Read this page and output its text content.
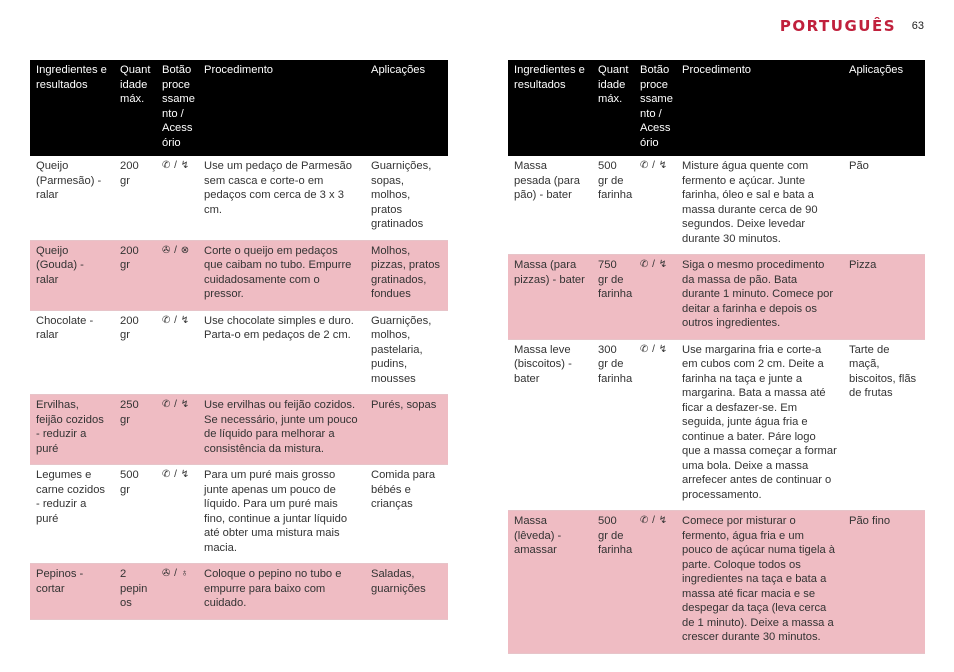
PORTUGUÊS 63
Ingredientes e resultados	Quant idade máx.	Botão proce ssame nto / Acess ório	Procedimento	Aplicações
Queijo (Parmesão) - ralar	200 gr	✆ / ↯	Use um pedaço de Parmesão sem casca e corte-o em pedaços com cerca de 3 x 3 cm.	Guarnições, sopas, molhos, pratos gratinados
Queijo (Gouda) - ralar	200 gr	✇ / ⊗	Corte o queijo em pedaços que caibam no tubo. Empurre cuidadosamente com o pressor.	Molhos, pizzas, pratos gratinados, fondues
Chocolate - ralar	200 gr	✆ / ↯	Use chocolate simples e duro. Parta-o em pedaços de 2 cm.	Guarnições, molhos, pastelaria, pudins, mousses
Ervilhas, feijão cozidos - reduzir a puré	250 gr	✆ / ↯	Use ervilhas ou feijão cozidos. Se necessário, junte um pouco de líquido para melhorar a consistência da mistura.	Purés, sopas
Legumes e carne cozidos - reduzir a puré	500 gr	✆ / ↯	Para um puré mais grosso junte apenas um pouco de líquido. Para um puré mais fino, continue a juntar líquido até obter uma mistura mais macia.	Comida para bébés e crianças
Pepinos - cortar	2 pepin os	✇ / ♁	Coloque o pepino no tubo e empurre para baixo com cuidado.	Saladas, guarnições
Ingredientes e resultados	Quant idade máx.	Botão proce ssame nto / Acess ório	Procedimento	Aplicações
Massa pesada (para pão) - bater	500 gr de farinha	✆ / ↯	Misture água quente com fermento e açúcar. Junte farinha, óleo e sal e bata a massa durante cerca de 90 segundos. Deixe levedar durante 30 minutos.	Pão
Massa (para pizzas) - bater	750 gr de farinha	✆ / ↯	Siga o mesmo procedimento da massa de pão. Bata durante 1 minuto. Comece por deitar a farinha e depois os outros ingredientes.	Pizza
Massa leve (biscoitos) - bater	300 gr de farinha	✆ / ↯	Use margarina fria e corte-a em cubos com 2 cm. Deite a farinha na taça e junte a margarina. Bata a massa até ficar a desfazer-se. Em seguida, junte água fria e continue a bater. Páre logo que a massa começar a formar uma bola. Deixe a massa arrefecer antes de continuar o processamento.	Tarte de maçã, biscoitos, flãs de frutas
Massa (lêveda) - amassar	500 gr de farinha	✆ / ↯	Comece por misturar o fermento, água fria e um pouco de açúcar numa tigela à parte. Coloque todos os ingredientes na taça e bata a massa até ficar macia e se despegar da taça (leva cerca de 1 minuto). Deixe a massa a crescer durante 30 minutos.	Pão fino
